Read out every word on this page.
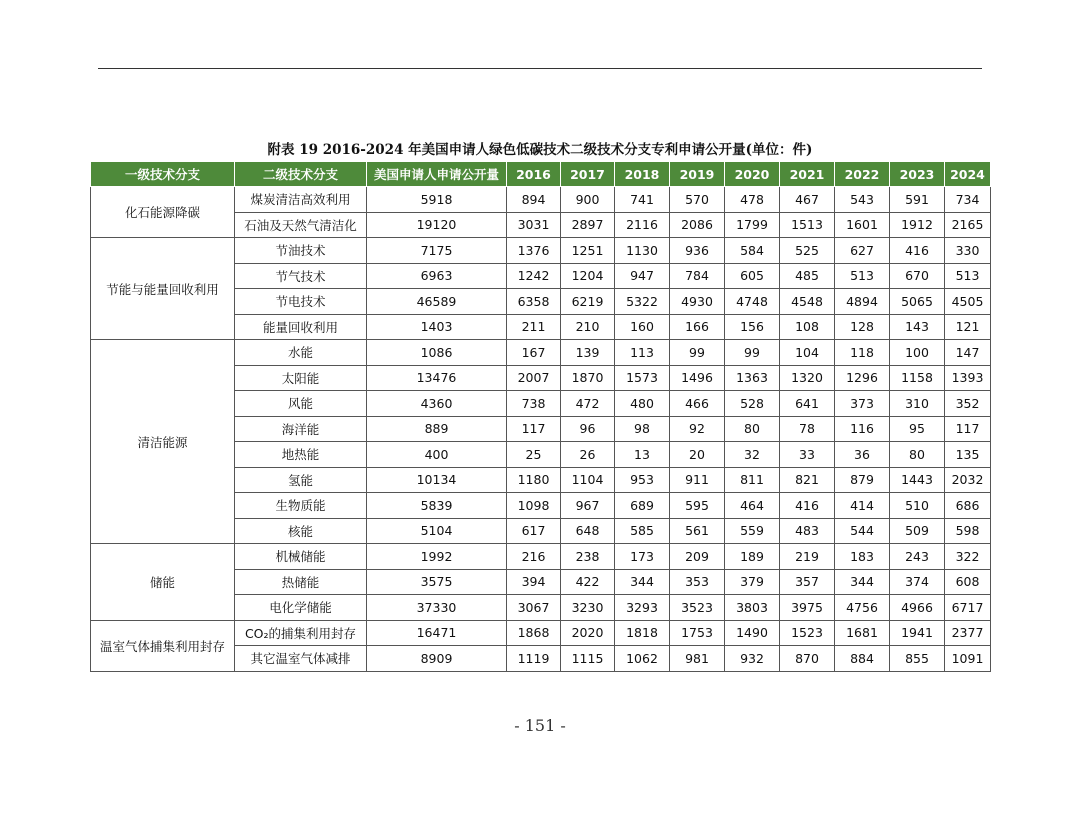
附表 19 2016-2024 年美国申请人绿色低碳技术二级技术分支专利申请公开量(单位：件)
一级技术分支	二级技术分支	美国申请人申请公开量	2016	2017	2018	2019	2020	2021	2022	2023	2024
化石能源降碳	煤炭清洁高效利用	5918	894	900	741	570	478	467	543	591	734
	石油及天然气清洁化	19120	3031	2897	2116	2086	1799	1513	1601	1912	2165
节能与能量回收利用	节油技术	7175	1376	1251	1130	936	584	525	627	416	330
	节气技术	6963	1242	1204	947	784	605	485	513	670	513
	节电技术	46589	6358	6219	5322	4930	4748	4548	4894	5065	4505
	能量回收利用	1403	211	210	160	166	156	108	128	143	121
清洁能源	水能	1086	167	139	113	99	99	104	118	100	147
	太阳能	13476	2007	1870	1573	1496	1363	1320	1296	1158	1393
	风能	4360	738	472	480	466	528	641	373	310	352
	海洋能	889	117	96	98	92	80	78	116	95	117
	地热能	400	25	26	13	20	32	33	36	80	135
	氢能	10134	1180	1104	953	911	811	821	879	1443	2032
	生物质能	5839	1098	967	689	595	464	416	414	510	686
	核能	5104	617	648	585	561	559	483	544	509	598
储能	机械储能	1992	216	238	173	209	189	219	183	243	322
	热储能	3575	394	422	344	353	379	357	344	374	608
	电化学储能	37330	3067	3230	3293	3523	3803	3975	4756	4966	6717
温室气体捕集利用封存	CO₂的捕集利用封存	16471	1868	2020	1818	1753	1490	1523	1681	1941	2377
	其它温室气体减排	8909	1119	1115	1062	981	932	870	884	855	1091
- 151 -
